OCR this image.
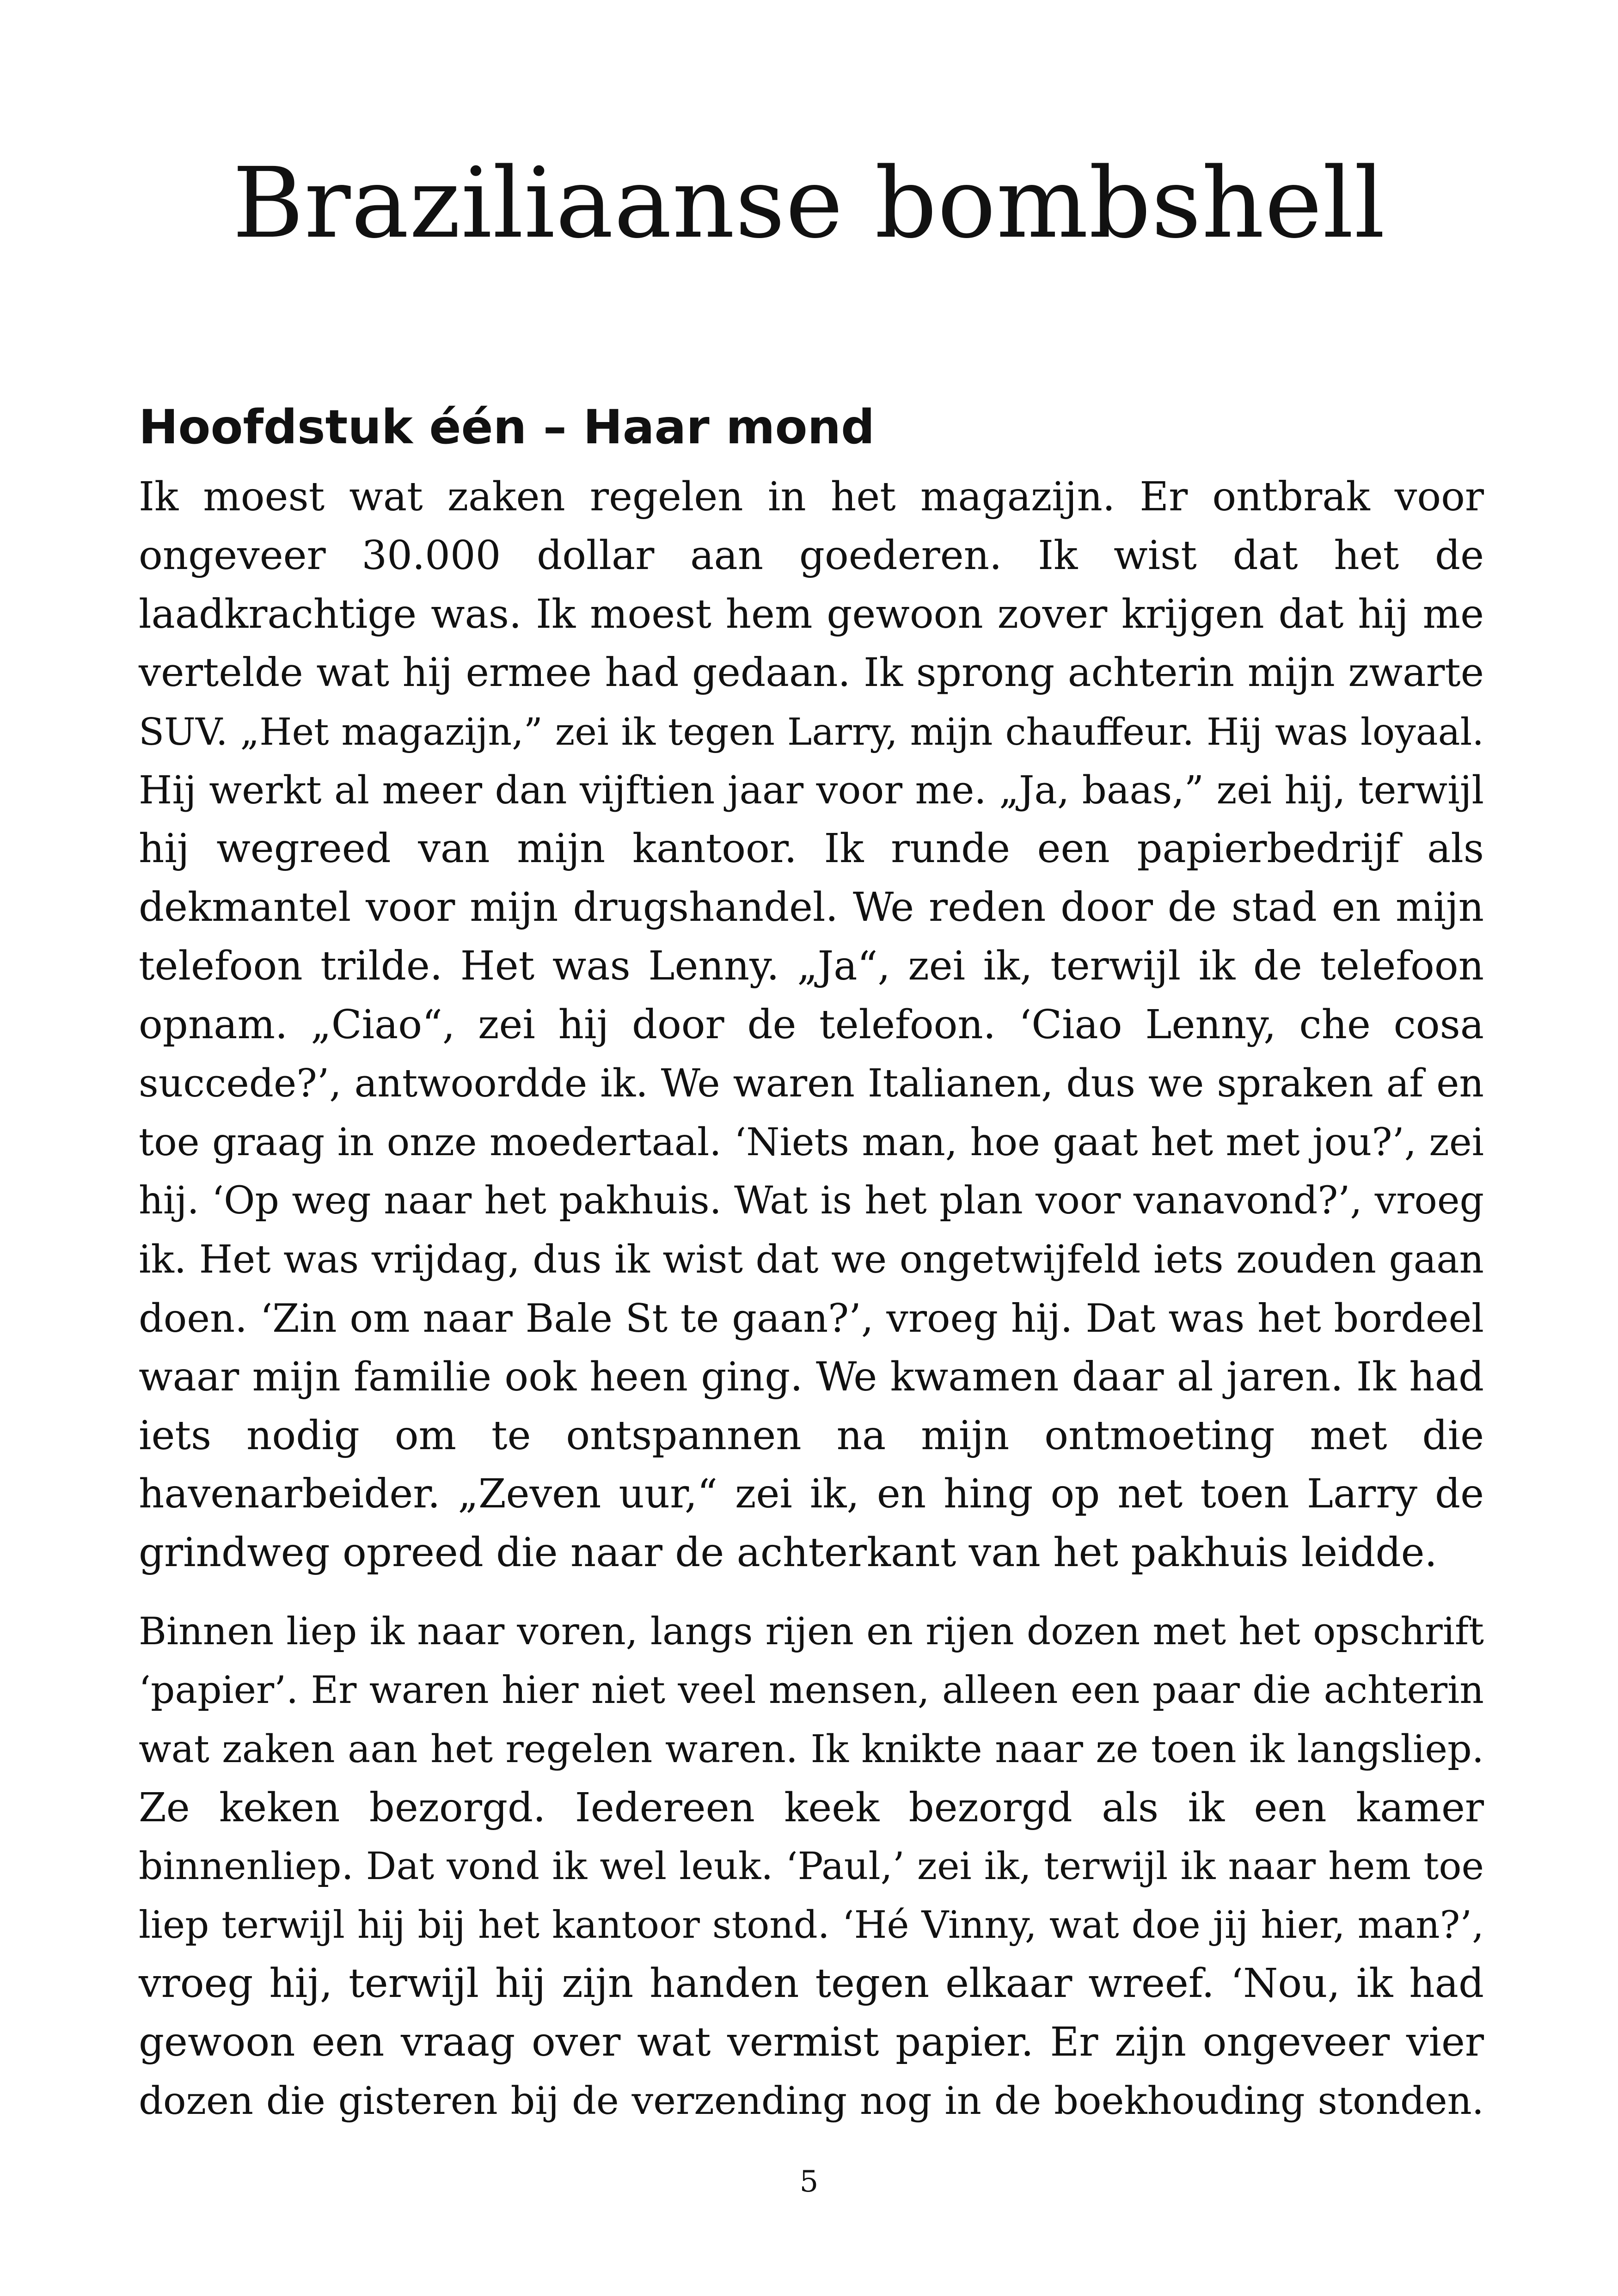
Braziliaanse bombshell
Hoofdstuk één – Haar mond

Ik moest wat zaken regelen in het magazijn. Er ontbrak voor
ongeveer 30.000 dollar aan goederen. Ik wist dat het de
laadkrachtige was. Ik moest hem gewoon zover krijgen dat hij me
vertelde wat hij ermee had gedaan. Ik sprong achterin mijn zwarte
SUV. „Het magazijn,” zei ik tegen Larry, mijn chauffeur. Hij was loyaal.
Hij werkt al meer dan vijftien jaar voor me. „Ja, baas,” zei hij, terwijl
hij wegreed van mijn kantoor. Ik runde een papierbedrijf als
dekmantel voor mijn drugshandel. We reden door de stad en mijn
telefoon trilde. Het was Lenny. „Ja“, zei ik, terwijl ik de telefoon
opnam. „Ciao“, zei hij door de telefoon. ‘Ciao Lenny, che cosa
succede?’, antwoordde ik. We waren Italianen, dus we spraken af en
toe graag in onze moedertaal. ‘Niets man, hoe gaat het met jou?’, zei
hij. ‘Op weg naar het pakhuis. Wat is het plan voor vanavond?’, vroeg
ik. Het was vrijdag, dus ik wist dat we ongetwijfeld iets zouden gaan
doen. ‘Zin om naar Bale St te gaan?’, vroeg hij. Dat was het bordeel
waar mijn familie ook heen ging. We kwamen daar al jaren. Ik had
iets nodig om te ontspannen na mijn ontmoeting met die
havenarbeider. „Zeven uur,“ zei ik, en hing op net toen Larry de
grindweg opreed die naar de achterkant van het pakhuis leidde.

Binnen liep ik naar voren, langs rijen en rijen dozen met het opschrift
‘papier’. Er waren hier niet veel mensen, alleen een paar die achterin
wat zaken aan het regelen waren. Ik knikte naar ze toen ik langsliep.
Ze keken bezorgd. Iedereen keek bezorgd als ik een kamer
binnenliep. Dat vond ik wel leuk. ‘Paul,’ zei ik, terwijl ik naar hem toe
liep terwijl hij bij het kantoor stond. ‘Hé Vinny, wat doe jij hier, man?’,
vroeg hij, terwijl hij zijn handen tegen elkaar wreef. ‘Nou, ik had
gewoon een vraag over wat vermist papier. Er zijn ongeveer vier
dozen die gisteren bij de verzending nog in de boekhouding stonden.

5
